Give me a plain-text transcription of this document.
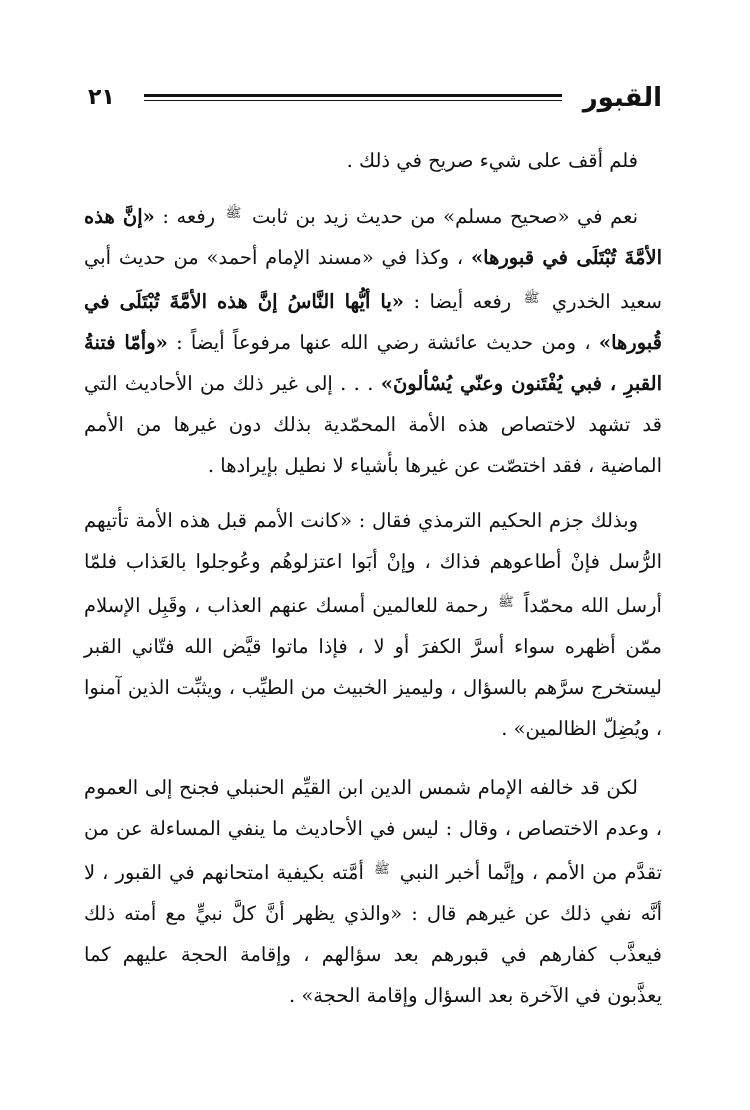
القبور
٢١

فلم أقف على شيء صريح في ذلك .

نعم في «صحيح مسلم» من حديث زيد بن ثابت ﷺ رفعه : «إنَّ هذه الأمَّةَ تُبْتَلَى في قبورها» ، وكذا في «مسند الإمام أحمد» من حديث أبي سعيد الخدري ﷺ رفعه أيضا : «يا أيُّها النَّاسُ إنَّ هذه الأمَّةَ تُبْتَلَى في قُبورها» ، ومن حديث عائشة رضي الله عنها مرفوعاً أيضاً : «وأمّا فتنةُ القبرِ ، فبي يُفْتَنون وعنّي يُسْألونَ» . . . إلى غير ذلك من الأحاديث التي قد تشهد لاختصاص هذه الأمة المحمّدية بذلك دون غيرها من الأمم الماضية ، فقد اختصّت عن غيرها بأشياء لا نطيل بإيرادها .

وبذلك جزم الحكيم الترمذي فقال : «كانت الأمم قبل هذه الأمة تأتيهم الرُّسل فإنْ أطاعوهم فذاك ، وإنْ أبَوا اعتزلوهُم وعُوجلوا بالعَذاب فلمّا أرسل الله محمّداً ﷺ رحمة للعالمين أمسك عنهم العذاب ، وقَبِل الإسلام ممّن أظهره سواء أسرَّ الكفرَ أو لا ، فإذا ماتوا قيَّض الله فتّاني القبر ليستخرج سرَّهم بالسؤال ، وليميز الخبيث من الطيِّب ، ويثبِّت الذين آمنوا ، ويُضِلّ الظالمين» .

لكن قد خالفه الإمام شمس الدين ابن القيِّم الحنبلي فجنح إلى العموم ، وعدم الاختصاص ، وقال : ليس في الأحاديث ما ينفي المساءلة عن من تقدَّم من الأمم ، وإنَّما أخبر النبي ﷺ أمَّته بكيفية امتحانهم في القبور ، لا أنَّه نفي ذلك عن غيرهم قال : «والذي يظهر أنَّ كلَّ نبيٍّ مع أمته ذلك فيعذَّب كفارهم في قبورهم بعد سؤالهم ، وإقامة الحجة عليهم كما يعذَّبون في الآخرة بعد السؤال وإقامة الحجة» .
